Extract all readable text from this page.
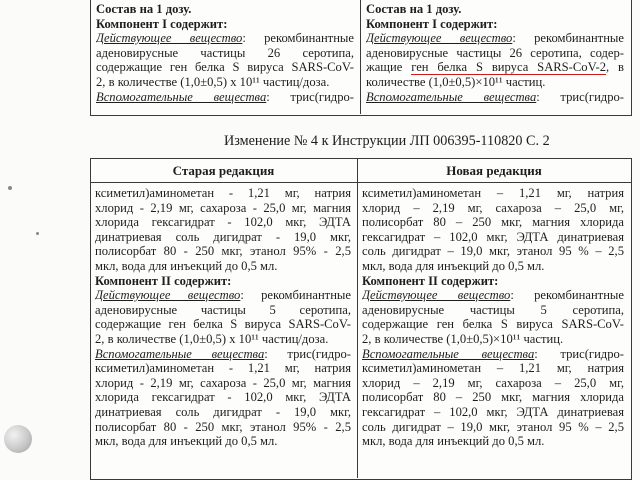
Состав на 1 дозу.
Компонент I содержит:
Действующее вещество: рекомбинантные
аденовирусные частицы 26 серотипа,
содержащие ген белка S вируса SARS-CoV-
2, в количестве (1,0±0,5) х 10¹¹ частиц/доза.
Вспомогательные вещества: трис(гидро-
Состав на 1 дозу.
Компонент I содержит:
Действующее вещество: рекомбинантные
аденовирусные частицы 26 серотипа, содер-
жащие ген белка S вируса SARS-CoV-2, в
количестве (1,0±0,5)×10¹¹ частиц.
Вспомогательные вещества: трис(гидро-
Изменение № 4 к Инструкции ЛП 006395-110820 С. 2
Старая редакция	Новая редакция
ксиметил)аминометан - 1,21 мг, натрия
хлорид - 2,19 мг, сахароза - 25,0 мг, магния
хлорида гексагидрат - 102,0 мкг, ЭДТА
динатриевая соль дигидрат - 19,0 мкг,
полисорбат 80 - 250 мкг, этанол 95% - 2,5
мкл, вода для инъекций до 0,5 мл.
Компонент II содержит:
Действующее вещество: рекомбинантные
аденовирусные частицы 5 серотипа,
содержащие ген белка S вируса SARS-CoV-
2, в количестве (1,0±0,5) х 10¹¹ частиц/доза.
Вспомогательные вещества: трис(гидро-
ксиметил)аминометан - 1,21 мг, натрия
хлорид - 2,19 мг, сахароза - 25,0 мг, магния
хлорида гексагидрат - 102,0 мкг, ЭДТА
динатриевая соль дигидрат - 19,0 мкг,
полисорбат 80 - 250 мкг, этанол 95% - 2,5
мкл, вода для инъекций до 0,5 мл.
ксиметил)аминометан – 1,21 мг, натрия
хлорид – 2,19 мг, сахароза – 25,0 мг,
полисорбат 80 – 250 мкг, магния хлорида
гексагидрат – 102,0 мкг, ЭДТА динатриевая
соль дигидрат – 19,0 мкг, этанол 95 % – 2,5
мкл, вода для инъекций до 0,5 мл.
Компонент II содержит:
Действующее вещество: рекомбинантные
аденовирусные частицы 5 серотипа,
содержащие ген белка S вируса SARS-CoV-
2, в количестве (1,0±0,5)×10¹¹ частиц.
Вспомогательные вещества: трис(гидро-
ксиметил)аминометан – 1,21 мг, натрия
хлорид – 2,19 мг, сахароза – 25,0 мг,
полисорбат 80 – 250 мкг, магния хлорида
гексагидрат – 102,0 мкг, ЭДТА динатриевая
соль дигидрат – 19,0 мкг, этанол 95 % – 2,5
мкл, вода для инъекций до 0,5 мл.
